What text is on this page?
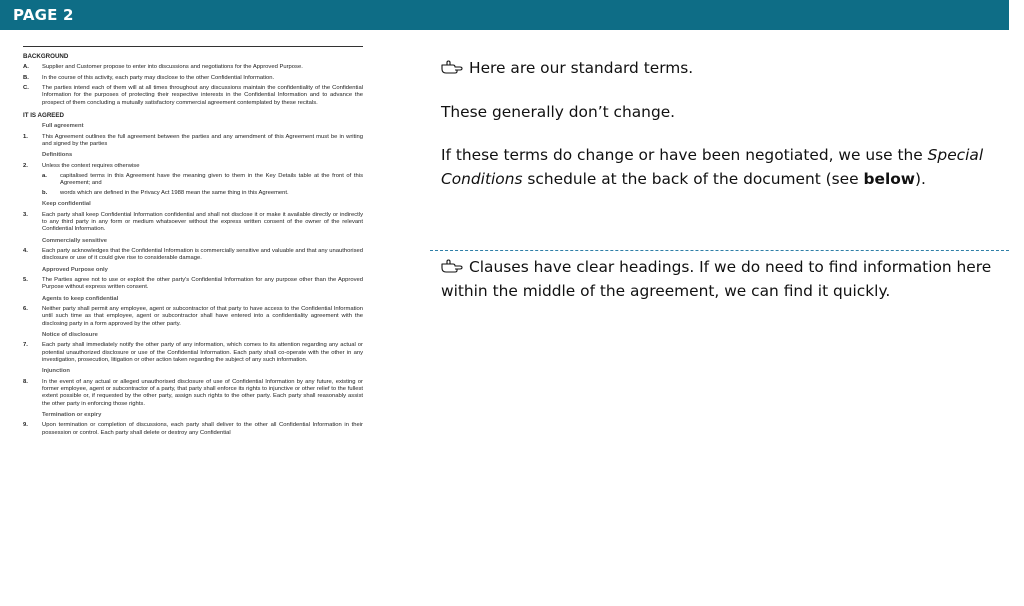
PAGE 2
BACKGROUND
A.	Supplier and Customer propose to enter into discussions and negotiations for the Approved Purpose.
B.	In the course of this activity, each party may disclose to the other Confidential Information.
C.	The parties intend each of them will at all times throughout any discussions maintain the confidentiality of the Confidential Information for the purposes of protecting their respective interests in the Confidential Information and to advance the prospect of them concluding a mutually satisfactory commercial agreement contemplated by these recitals.
IT IS AGREED
Full agreement
1.	This Agreement outlines the full agreement between the parties and any amendment of this Agreement must be in writing and signed by the parties
Definitions
2.	Unless the context requires otherwise
a.	capitalised terms in this Agreement have the meaning given to them in the Key Details table at the front of this Agreement; and
b.	words which are defined in the Privacy Act 1988 mean the same thing in this Agreement.
Keep confidential
3.	Each party shall keep Confidential Information confidential and shall not disclose it or make it available directly or indirectly to any third party in any form or medium whatsoever without the express written consent of the owner of the relevant Confidential Information.
Commercially sensitive
4.	Each party acknowledges that the Confidential Information is commercially sensitive and valuable and that any unauthorised disclosure or use of it could give rise to considerable damage.
Approved Purpose only
5.	The Parties agree not to use or exploit the other party's Confidential Information for any purpose other than the Approved Purpose without express written consent.
Agents to keep confidential
6.	Neither party shall permit any employee, agent or subcontractor of that party to have access to the Confidential Information until such time as that employee, agent or subcontractor shall have entered into a confidentiality agreement with the disclosing party in a form approved by the other party.
Notice of disclosure
7.	Each party shall immediately notify the other party of any information, which comes to its attention regarding any actual or potential unauthorized disclosure or use of the Confidential Information. Each party shall co-operate with the other in any investigation, prosecution, litigation or other action taken regarding the subject of any such information.
Injunction
8.	In the event of any actual or alleged unauthorised disclosure of use of Confidential Information by any future, existing or former employee, agent or subcontractor of a party, that party shall enforce its rights to injunctive or other relief to the fullest extent possible or, if requested by the other party, assign such rights to the other party. Each party shall reasonably assist the other party in enforcing those rights.
Termination or expiry
9.	Upon termination or completion of discussions, each party shall deliver to the other all Confidential Information in their possession or control. Each party shall delete or destroy any Confidential

Here are our standard terms.

These generally don’t change.

If these terms do change or have been negotiated, we use the Special Conditions schedule at the back of the document (see below).

Clauses have clear headings. If we do need to find information here within the middle of the agreement, we can find it quickly.
